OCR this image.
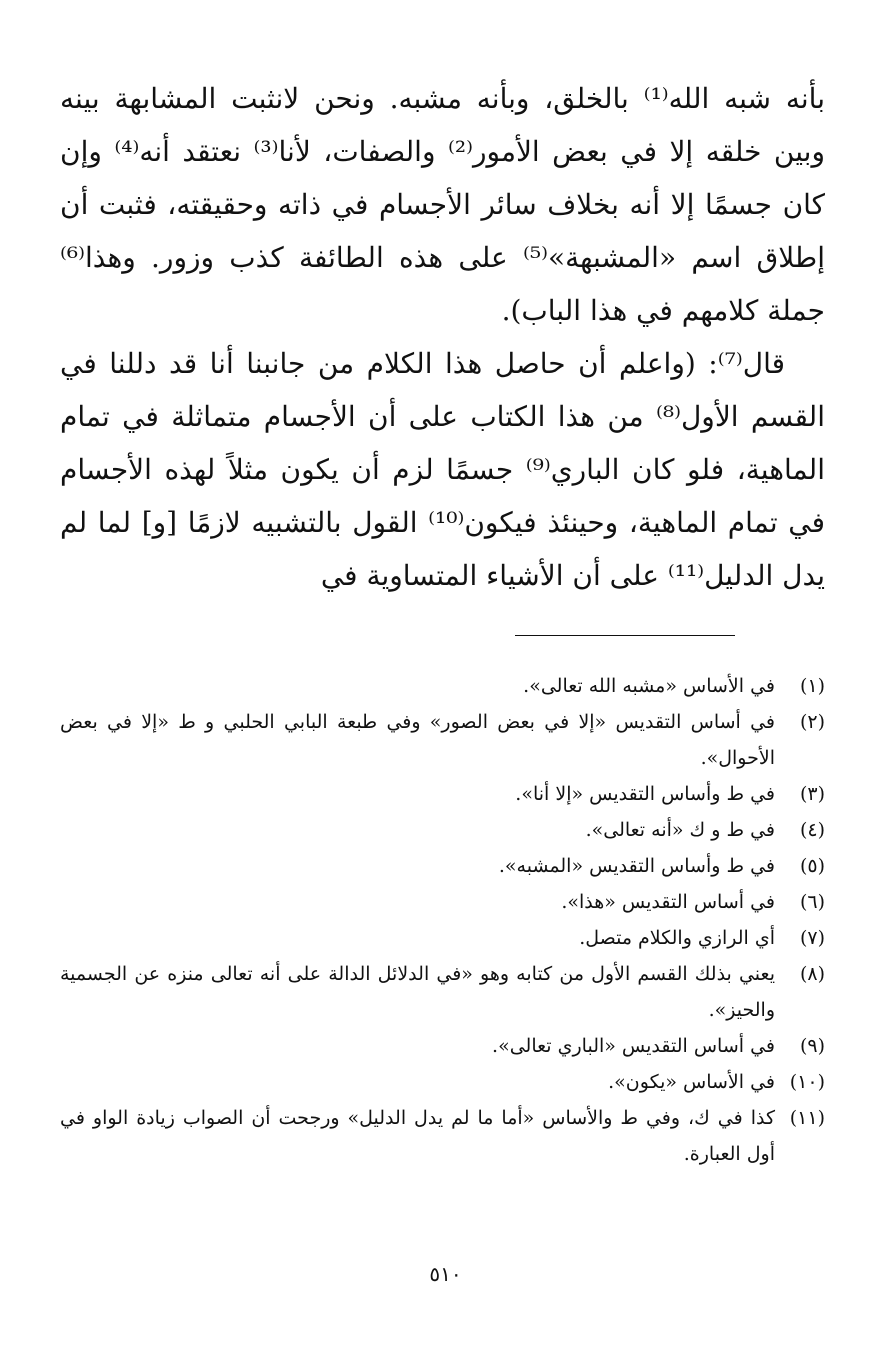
بأنه شبه الله⁽¹⁾ بالخلق، وبأنه مشبه. ونحن لانثبت المشابهة بينه وبين خلقه إلا في بعض الأمور⁽²⁾ والصفات، لأنا⁽³⁾ نعتقد أنه⁽⁴⁾ وإن كان جسمًا إلا أنه بخلاف سائر الأجسام في ذاته وحقيقته، فثبت أن إطلاق اسم «المشبهة»⁽⁵⁾ على هذه الطائفة كذب وزور. وهذا⁽⁶⁾ جملة كلامهم في هذا الباب).

قال⁽⁷⁾: (واعلم أن حاصل هذا الكلام من جانبنا أنا قد دللنا في القسم الأول⁽⁸⁾ من هذا الكتاب على أن الأجسام متماثلة في تمام الماهية، فلو كان الباري⁽⁹⁾ جسمًا لزم أن يكون مثلاً لهذه الأجسام في تمام الماهية، وحينئذ فيكون⁽¹⁰⁾ القول بالتشبيه لازمًا [و] لما لم يدل الدليل⁽¹¹⁾ على أن الأشياء المتساوية في

(١)
في الأساس «مشبه الله تعالى».
(٢)
في أساس التقديس «إلا في بعض الصور» وفي طبعة البابي الحلبي و ط «إلا في بعض الأحوال».
(٣)
في ط وأساس التقديس «إلا أنا».
(٤)
في ط و ك «أنه تعالى».
(٥)
في ط وأساس التقديس «المشبه».
(٦)
في أساس التقديس «هذا».
(٧)
أي الرازي والكلام متصل.
(٨)
يعني بذلك القسم الأول من كتابه وهو «في الدلائل الدالة على أنه تعالى منزه عن الجسمية والحيز».
(٩)
في أساس التقديس «الباري تعالى».
(١٠)
في الأساس «يكون».
(١١)
كذا في ك، وفي ط والأساس «أما ما لم يدل الدليل» ورجحت أن الصواب زيادة الواو في أول العبارة.
٥١٠
